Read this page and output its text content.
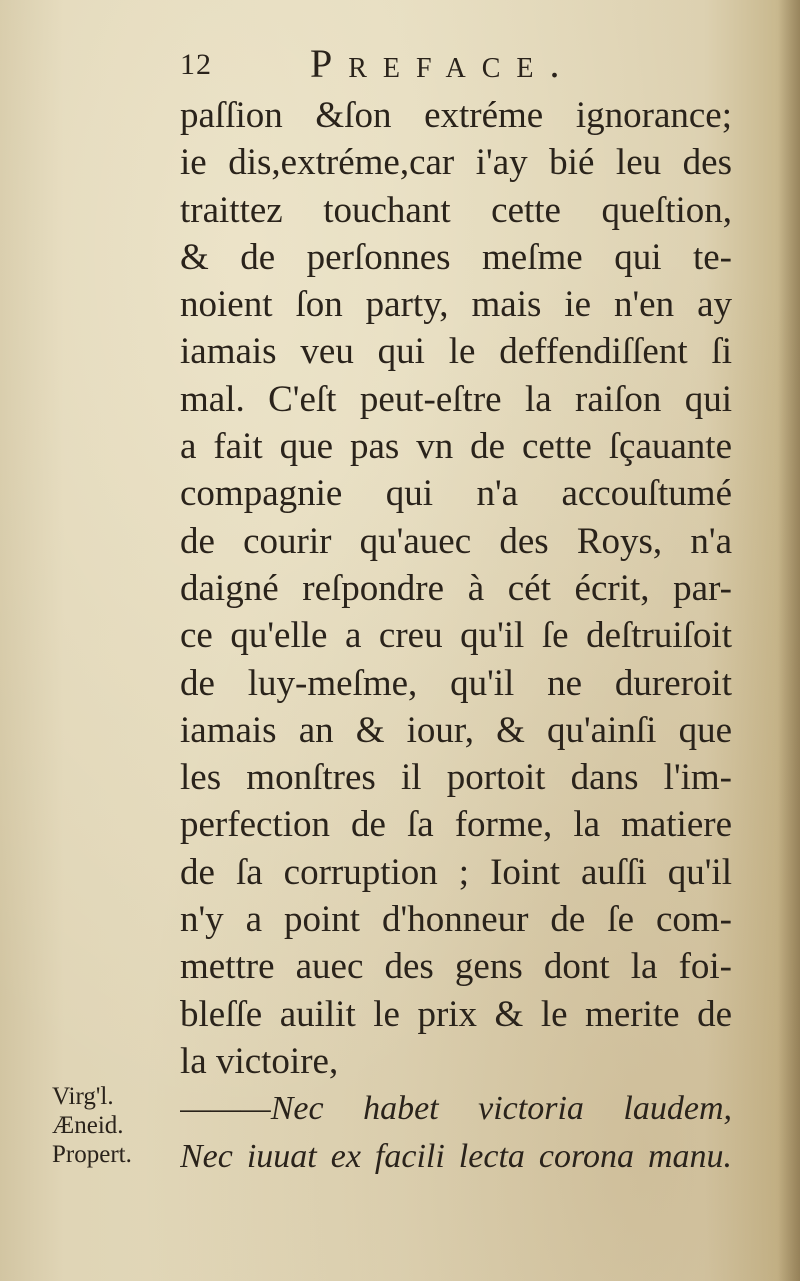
12 Preface.
paſſion &ſon extréme ignorance;
ie dis,extréme,car i'ay bié leu des
traittez touchant cette queſtion,
& de perſonnes meſme qui te-
noient ſon party, mais ie n'en ay
iamais veu qui le deffendiſſent ſi
mal. C'eſt peut-eſtre la raiſon qui
a fait que pas vn de cette ſçauante
compagnie qui n'a accouſtumé
de courir qu'auec des Roys, n'a
daigné reſpondre à cét écrit, par-
ce qu'elle a creu qu'il ſe deſtruiſoit
de luy-meſme, qu'il ne dureroit
iamais an & iour, & qu'ainſi que
les monſtres il portoit dans l'im-
perfection de ſa forme, la matiere
de ſa corruption ; Ioint auſſi qu'il
n'y a point d'honneur de ſe com-
mettre auec des gens dont la foi-
bleſſe auilit le prix & le merite de
la victoire,
———Nec habet victoria laudem,
Nec iuuat ex facili lecta corona manu.
Virg'l.
Æneid.
Propert.
